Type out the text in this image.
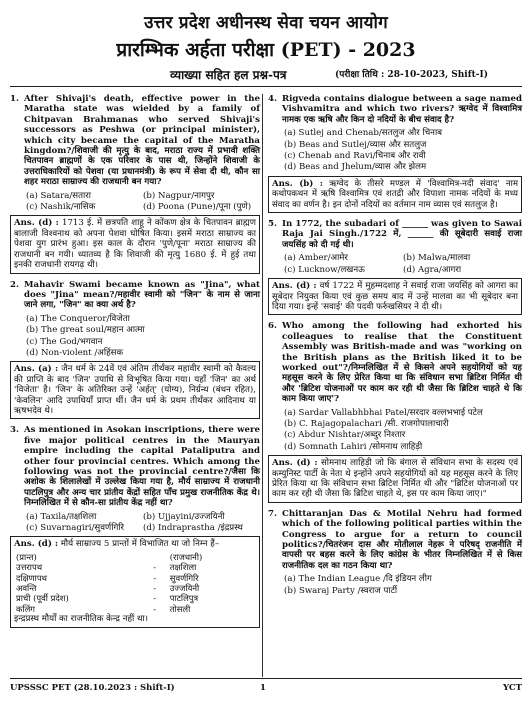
उत्तर प्रदेश अधीनस्थ सेवा चयन आयोग
प्रारम्भिक अर्हता परीक्षा (PET) - 2023
व्याख्या सहित हल प्रश्न-पत्र	(परीक्षा तिथि : 28-10-2023, Shift-I)
1. After Shivaji's death, effective power in the Maratha state was wielded by a family of Chitpavan Brahmanas who served Shivaji's successors as Peshwa (or principal minister), which city became the capital of the Maratha kingdom?/शिवाजी की मृत्यु के बाद, मराठा राज्य में प्रभावी शक्ति चितपावन ब्राह्मणों के एक परिवार के पास थी, जिन्होंने शिवाजी के उत्तराधिकारियों को पेशवा (या प्रधानमंत्री) के रूप में सेवा दी थी, कौन सा शहर मराठा साम्राज्य की राजधानी बन गया?
(a) Satara/सतारा	(b) Nagpur/नागपुर
(c) Nashik/नासिक	(d) Poona (Pune)/पूना (पुणे)
Ans. (d) : 1713 ई. में छत्रपति शाहू ने कोंकण क्षेत्र के चितपावन ब्राह्मण बालाजी विश्वनाथ को अपना पेशवा घोषित किया। इसमें मराठा साम्राज्य का पेशवा युग प्रारंभ हुआ। इस काल के दौरान 'पुणे/पूना' मराठा साम्राज्य की राजधानी बन गयी। ध्यातव्य है कि शिवाजी की मृत्यु 1680 ई. में हुई तथा इनकी राजधानी रायगढ़ थी।
2. Mahavir Swami became known as "Jina", what does "Jina" mean?/महावीर स्वामी को "जिन" के नाम से जाना जाने लगा, "जिन" का क्या अर्थ है?
(a) The Conqueror/विजेता
(b) The great soul/महान आत्मा
(c) The God/भगवान
(d) Non-violent /अहिंसक
Ans. (a) : जैन धर्म के 24वें एवं अंतिम तीर्थंकर महावीर स्वामी को कैवल्य की प्राप्ति के बाद 'जिन' उपाधि से विभूषित किया गया। यहाँ 'जिन' का अर्थ 'विजेता' है। 'जिन' के अतिरिक्त उन्हें 'अर्हत्' (योग्य), निर्ग्रन्थ (बंधन रहित), 'केवलिन' आदि उपाधियाँ प्राप्त थीं। जैन धर्म के प्रथम तीर्थंकर आदिनाथ या ऋषभदेव थे।
3. As mentioned in Asokan inscriptions, there were five major political centres in the Mauryan empire including the capital Pataliputra and other four provincial centres. Which among the following was not the provincial centre?/जैसा कि अशोक के शिलालेखों में उल्लेख किया गया है, मौर्य साम्राज्य में राजधानी पाटलिपुत्र और अन्य चार प्रांतीय केंद्रों सहित पाँच प्रमुख राजनीतिक केंद्र थे। निम्नलिखित में से कौन-सा प्रांतीय केंद्र नहीं था?
(a) Taxila/तक्षशिला	(b) Ujjayini/उज्जयिनी
(c) Suvarnagiri/सुवर्णगिरि	(d) Indraprastha /इंद्रप्रस्थ
Ans. (d) : मौर्य साम्राज्य 5 प्रान्तों में विभाजित था जो निम्न हैं–
(प्रान्त)		(राजधानी)
उत्तरापथ	-	तक्षशिला
दक्षिणापथ	-	सुवर्णगिरि
अवन्ति	-	उज्जयिनी
प्राची (पूर्वी प्रदेश)	-	पाटलिपुत्र
कलिंग	-	तोसली
इन्द्रप्रस्थ मौर्यों का राजनीतिक केन्द्र नहीं था।
4. Rigveda contains dialogue between a sage named Vishvamitra and which two rivers? ऋग्वेद में विश्वामित्र नामक एक ऋषि और किन दो नदियों के बीच संवाद है?
(a) Sutlej and Chenab/सतलुज और चिनाब
(b) Beas and Sutlej/व्यास और सतलुज
(c) Chenab and Ravi/चिनाब और रावी
(d) Beas and Jhelum/व्यास और झेलम
Ans. (b) : ऋग्वेद के तीसरे मण्डल में 'विश्वामित्र-नदी संवाद' नाम कथोपकथन में ऋषि विश्वामित्र एवं शतद्री और विपाशा नामक नदियों के मध्य संवाद का वर्णन है। इन दोनों नदियों का वर्तमान नाम व्यास एवं सतलुज है।
5. In 1772, the subadari of ______ was given to Sawai Raja Jai Singh./1722 में, ______ की सूबेदारी सवाई राजा जयसिंह को दी गई थी।
(a) Amber/आमेर	(b) Malwa/मालवा
(c) Lucknow/लखनऊ	(d) Agra/आगरा
Ans. (d) : वर्ष 1722 में मुहम्मदशाह ने सवाई राजा जयसिंह को आगरा का सूबेदार नियुक्त किया एवं कुछ समय बाद में उन्हें मालवा का भी सूबेदार बना दिया गया। इन्हें 'सवाई' की पदवी फर्रुखसियर ने दी थी।
6. Who among the following had exhorted his colleagues to realise that the Constituent Assembly was British-made and was "working on the British plans as the British liked it to be worked out"?/निम्नलिखित में से किसने अपने सहयोगियों को यह महसूस करने के लिए प्रेरित किया था कि संविधान सभा ब्रिटिश निर्मित थी और 'ब्रिटिश योजनाओं पर काम कर रही थी जैसा कि ब्रिटिश चाहते थे कि काम किया जाए'?
(a) Sardar Vallabhbhai Patel/सरदार वल्लभभाई पटेल
(b) C. Rajagopalachari /सी. राजगोपालाचारी
(c) Abdur Nishtar/अब्दुर निश्तार
(d) Somnath Lahiri /सोमनाथ लाहिड़ी
Ans. (d) : सोमनाथ लाहिड़ी जो कि बंगाल से संविधान सभा के सदस्य एवं कम्युनिस्ट पार्टी के नेता थे इन्होंने अपने सहयोगियों को यह महसूस करने के लिए प्रेरित किया था कि संविधान सभा ब्रिटिश निर्मित थी और "ब्रिटिश योजनाओं पर काम कर रही थी जैसा कि ब्रिटिश चाहते थे, इस पर काम किया जाए।"
7. Chittaranjan Das & Motilal Nehru had formed which of the following political parties within the Congress to argue for a return to council politics?/चितरंजन दास और मोतीलाल नेहरू ने परिषद् राजनीति में वापसी पर बहस करने के लिए कांग्रेस के भीतर निम्नलिखित में से किस राजनीतिक दल का गठन किया था?
(a) The Indian League /दि इंडियन लीग
(b) Swaraj Party /स्वराज पार्टी
UPSSSC PET (28.10.2023 : Shift-I)	1	YCT
